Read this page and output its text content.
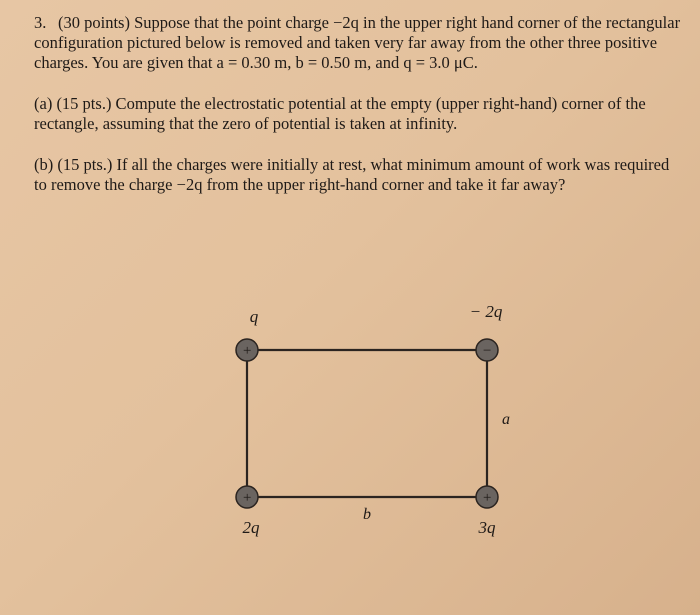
3. (30 points) Suppose that the point charge −2q in the upper right hand corner of the rectangular
configuration pictured below is removed and taken very far away from the other three positive
charges. You are given that a = 0.30 m, b = 0.50 m, and q = 3.0 μC.
(a) (15 pts.) Compute the electrostatic potential at the empty (upper right-hand) corner of the
rectangle, assuming that the zero of potential is taken at infinity.
(b) (15 pts.) If all the charges were initially at rest, what minimum amount of work was required
to remove the charge −2q from the upper right-hand corner and take it far away?
+	−
+	+
q	− 2q
2q	3q
a
b
